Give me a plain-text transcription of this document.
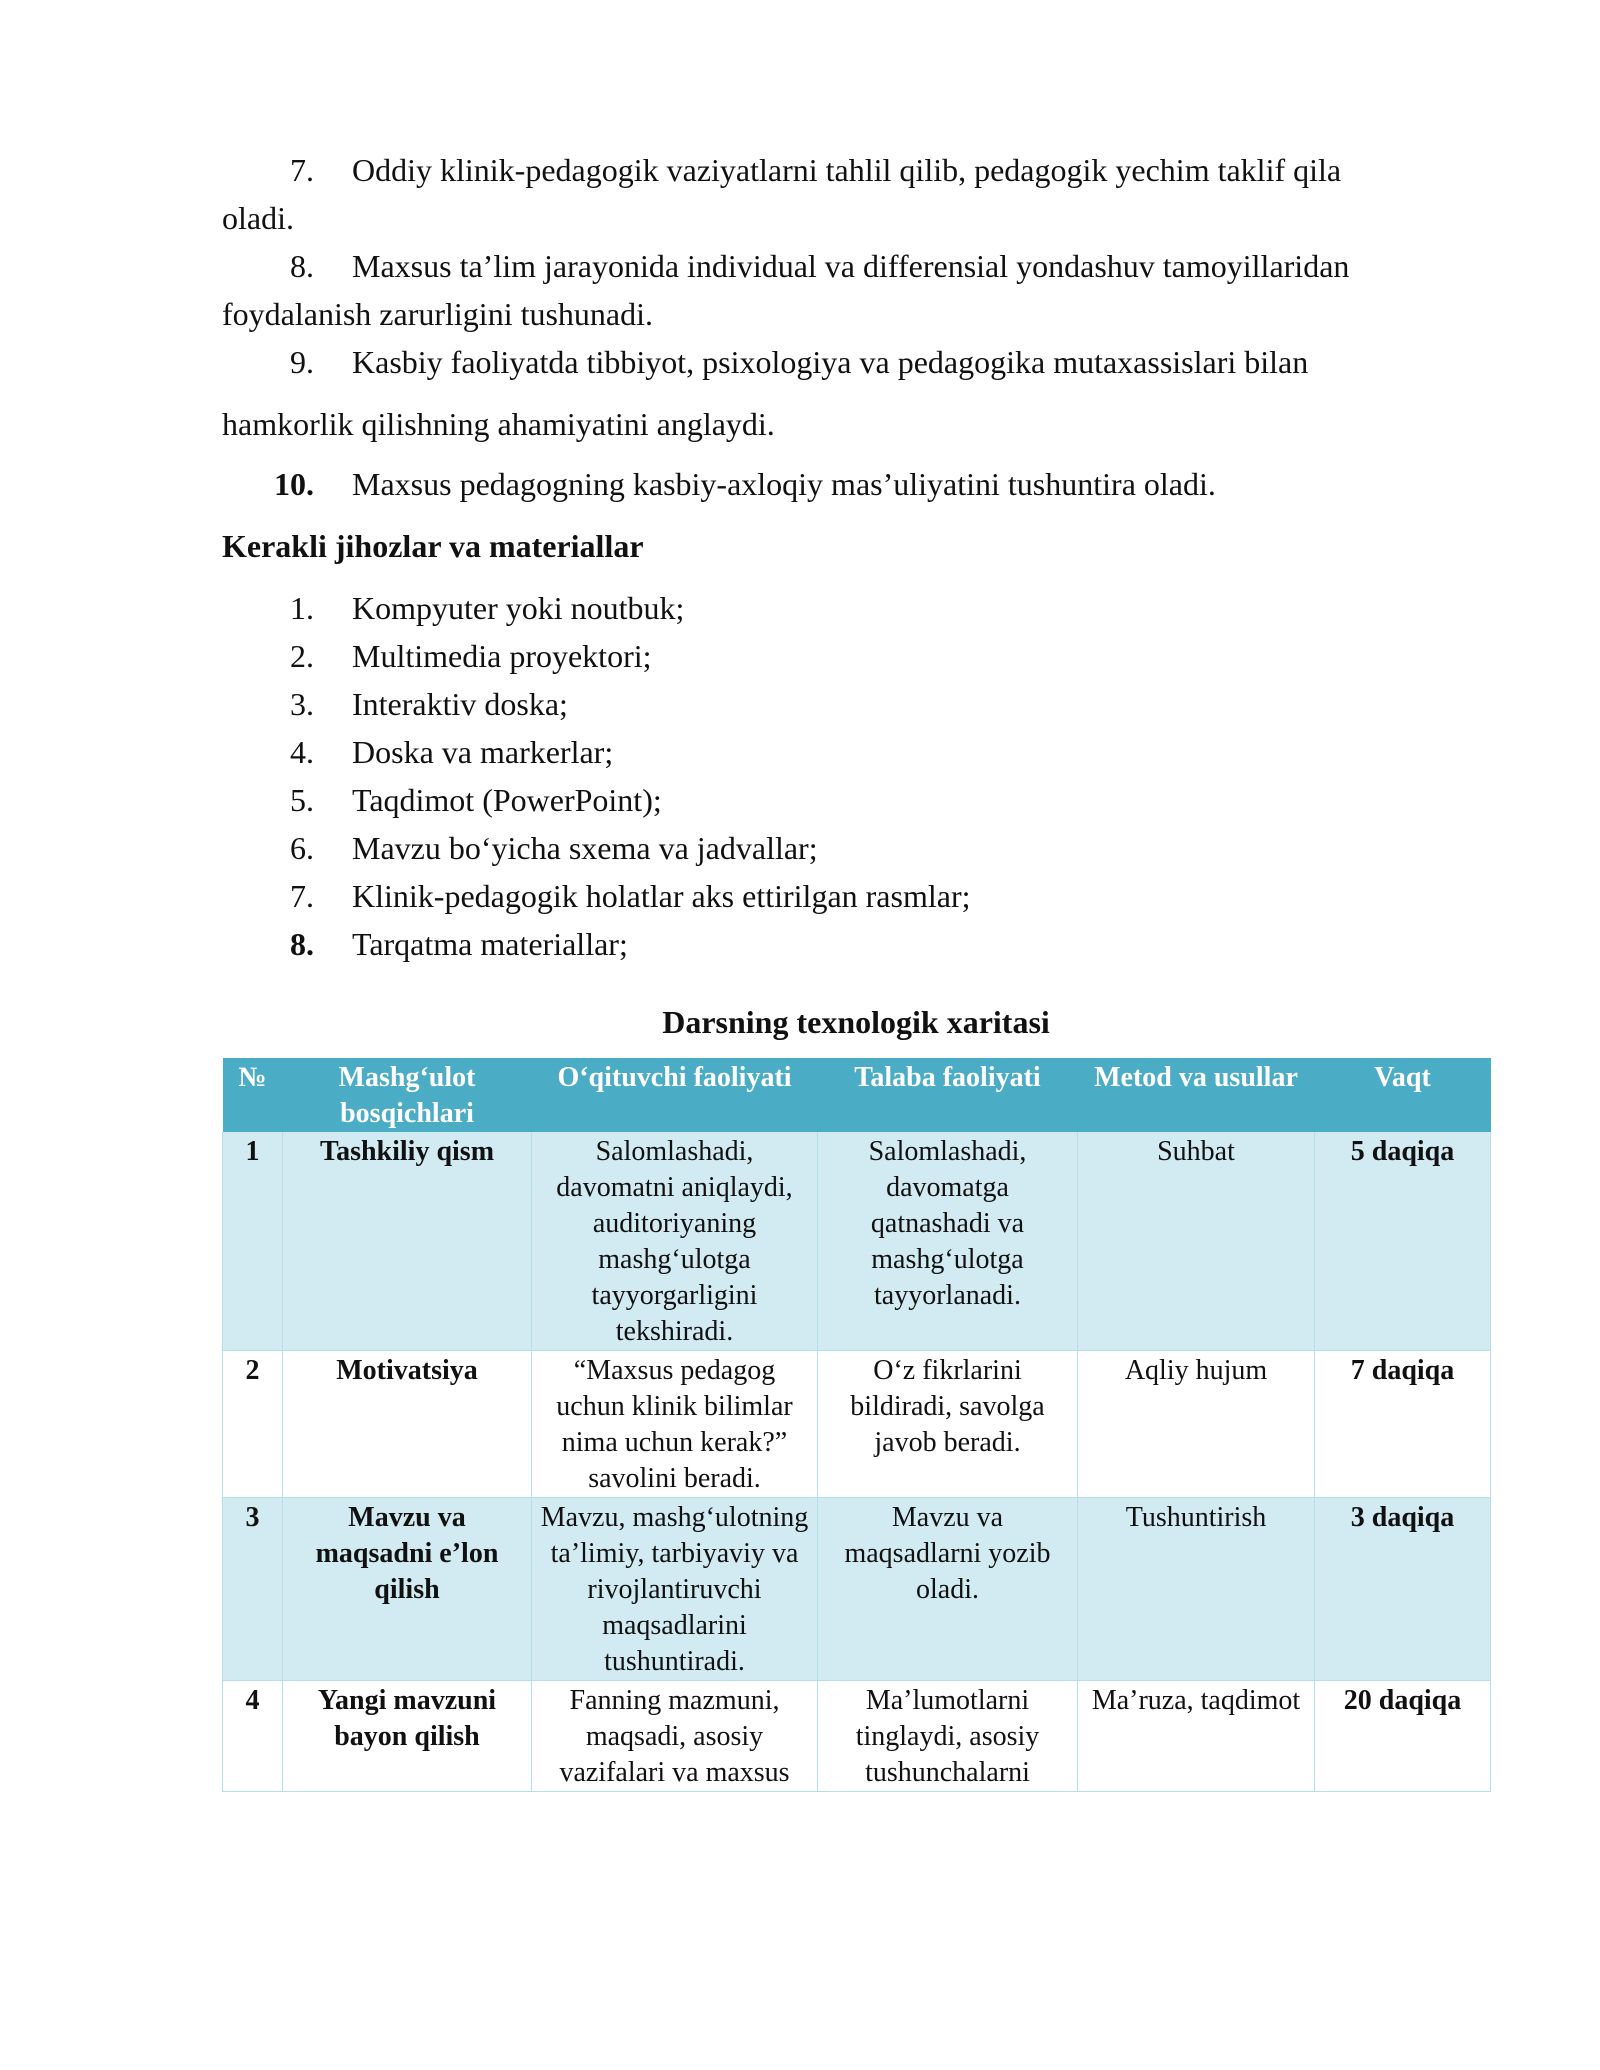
7. Oddiy klinik-pedagogik vaziyatlarni tahlil qilib, pedagogik yechim taklif qila
oladi.

8. Maxsus ta’lim jarayonida individual va differensial yondashuv tamoyillaridan
foydalanish zarurligini tushunadi.

9. Kasbiy faoliyatda tibbiyot, psixologiya va pedagogika mutaxassislari bilan

hamkorlik qilishning ahamiyatini anglaydi.

10. Maxsus pedagogning kasbiy-axloqiy mas’uliyatini tushuntira oladi.

Kerakli jihozlar va materiallar

1. Kompyuter yoki noutbuk;

2. Multimedia proyektori;

3. Interaktiv doska;

4. Doska va markerlar;

5. Taqdimot (PowerPoint);

6. Mavzu bo‘yicha sxema va jadvallar;

7. Klinik-pedagogik holatlar aks ettirilgan rasmlar;

8. Tarqatma materiallar;

Darsning texnologik xaritasi

№	Mashg‘ulot bosqichlari	O‘qituvchi faoliyati	Talaba faoliyati	Metod va usullar	Vaqt
1	Tashkiliy qism	Salomlashadi, davomatni aniqlaydi, auditoriyaning mashg‘ulotga tayyorgarligini tekshiradi.	Salomlashadi, davomatga qatnashadi va mashg‘ulotga tayyorlanadi.	Suhbat	5 daqiqa
2	Motivatsiya	“Maxsus pedagog uchun klinik bilimlar nima uchun kerak?” savolini beradi.	O‘z fikrlarini bildiradi, savolga javob beradi.	Aqliy hujum	7 daqiqa
3	Mavzu va maqsadni e’lon qilish	Mavzu, mashg‘ulotning ta’limiy, tarbiyaviy va rivojlantiruvchi maqsadlarini tushuntiradi.	Mavzu va maqsadlarni yozib oladi.	Tushuntirish	3 daqiqa
4	Yangi mavzuni bayon qilish	Fanning mazmuni, maqsadi, asosiy vazifalari va maxsus	Ma’lumotlarni tinglaydi, asosiy tushunchalarni	Ma’ruza, taqdimot	20 daqiqa
